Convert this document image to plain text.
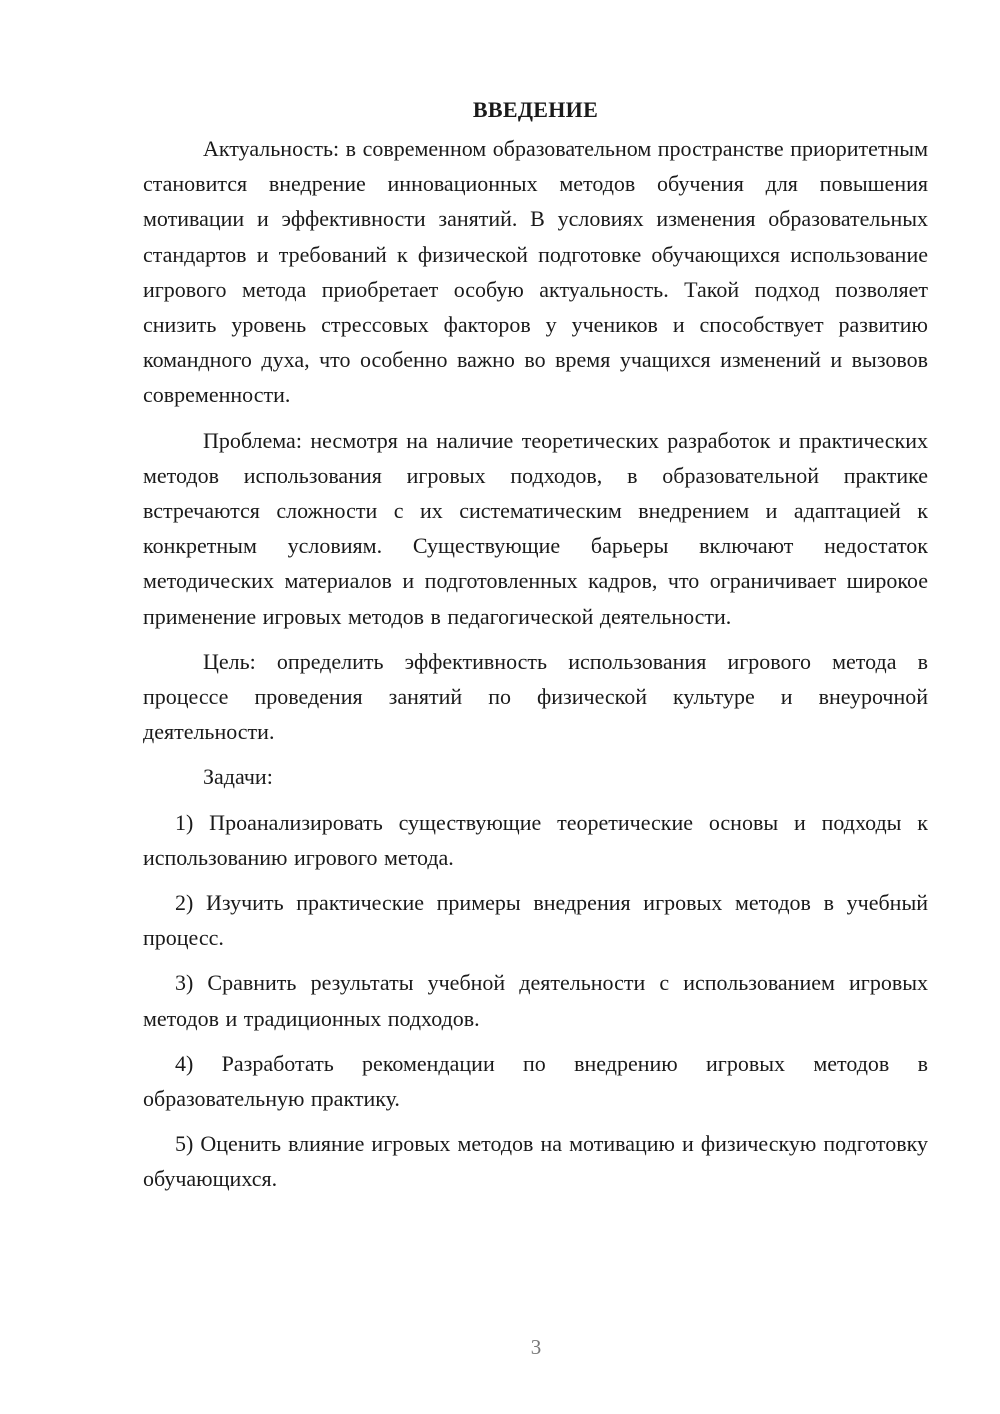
ВВЕДЕНИЕ

Актуальность: в современном образовательном пространстве приоритетным становится внедрение инновационных методов обучения для повышения мотивации и эффективности занятий. В условиях изменения образовательных стандартов и требований к физической подготовке обучающихся использование игрового метода приобретает особую актуальность. Такой подход позволяет снизить уровень стрессовых факторов у учеников и способствует развитию командного духа, что особенно важно во время учащихся изменений и вызовов современности.

Проблема: несмотря на наличие теоретических разработок и практических методов использования игровых подходов, в образовательной практике встречаются сложности с их систематическим внедрением и адаптацией к конкретным условиям. Существующие барьеры включают недостаток методических материалов и подготовленных кадров, что ограничивает широкое применение игровых методов в педагогической деятельности.

Цель: определить эффективность использования игрового метода в процессе проведения занятий по физической культуре и внеурочной деятельности.

Задачи:

1) Проанализировать существующие теоретические основы и подходы к использованию игрового метода.

2) Изучить практические примеры внедрения игровых методов в учебный процесс.

3) Сравнить результаты учебной деятельности с использованием игровых методов и традиционных подходов.

4) Разработать рекомендации по внедрению игровых методов в образовательную практику.

5) Оценить влияние игровых методов на мотивацию и физическую подготовку обучающихся.

3
